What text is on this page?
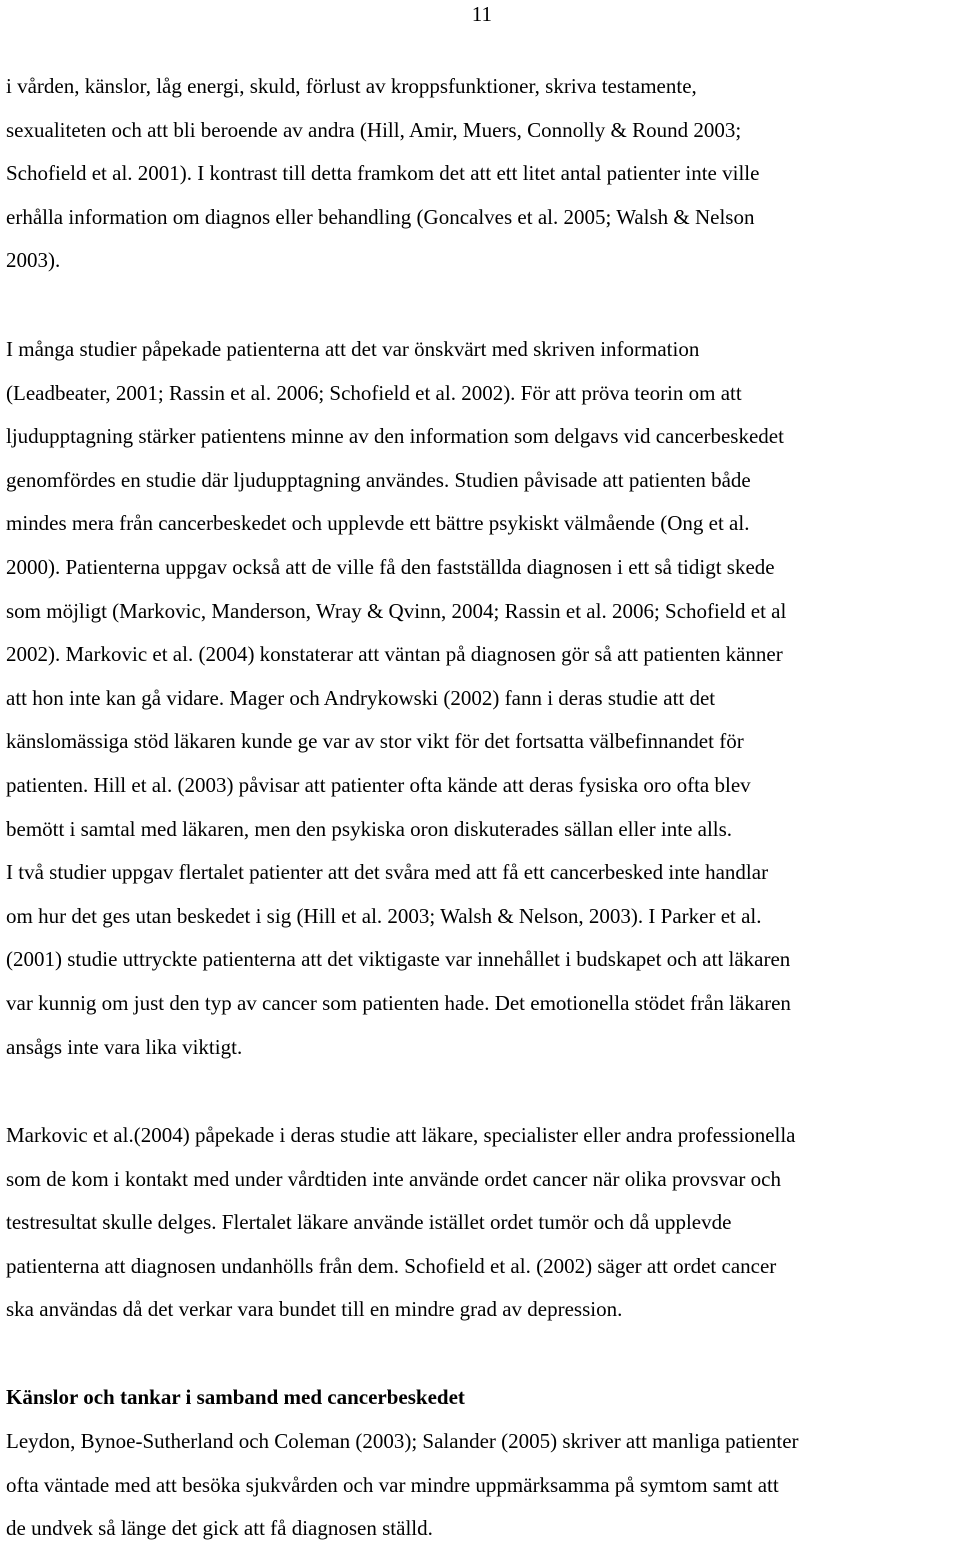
11
i vården, känslor, låg energi, skuld, förlust av kroppsfunktioner, skriva testamente,
sexualiteten och att bli beroende av andra (Hill, Amir, Muers, Connolly & Round 2003;
Schofield et al. 2001). I kontrast till detta framkom det att ett litet antal patienter inte ville
erhålla information om diagnos eller behandling (Goncalves et al. 2005; Walsh & Nelson
2003).
I många studier påpekade patienterna att det var önskvärt med skriven information
(Leadbeater, 2001; Rassin et al. 2006; Schofield et al. 2002). För att pröva teorin om att
ljudupptagning stärker patientens minne av den information som delgavs vid cancerbeskedet
genomfördes en studie där ljudupptagning användes. Studien påvisade att patienten både
mindes mera från cancerbeskedet och upplevde ett bättre psykiskt välmående (Ong et al.
2000). Patienterna uppgav också att de ville få den fastställda diagnosen i ett så tidigt skede
som möjligt (Markovic, Manderson, Wray & Qvinn, 2004; Rassin et al. 2006; Schofield et al
2002). Markovic et al. (2004) konstaterar att väntan på diagnosen gör så att patienten känner
att hon inte kan gå vidare. Mager och Andrykowski (2002) fann i deras studie att det
känslomässiga stöd läkaren kunde ge var av stor vikt för det fortsatta välbefinnandet för
patienten. Hill et al. (2003) påvisar att patienter ofta kände att deras fysiska oro ofta blev
bemött i samtal med läkaren, men den psykiska oron diskuterades sällan eller inte alls.
I två studier uppgav flertalet patienter att det svåra med att få ett cancerbesked inte handlar
om hur det ges utan beskedet i sig (Hill et al. 2003; Walsh & Nelson, 2003). I Parker et al.
(2001) studie uttryckte patienterna att det viktigaste var innehållet i budskapet och att läkaren
var kunnig om just den typ av cancer som patienten hade. Det emotionella stödet från läkaren
ansågs inte vara lika viktigt.
Markovic et al.(2004) påpekade i deras studie att läkare, specialister eller andra professionella
som de kom i kontakt med under vårdtiden inte använde ordet cancer när olika provsvar och
testresultat skulle delges. Flertalet läkare använde istället ordet tumör och då upplevde
patienterna att diagnosen undanhölls från dem. Schofield et al. (2002) säger att ordet cancer
ska användas då det verkar vara bundet till en mindre grad av depression.
Känslor och tankar i samband med cancerbeskedet
Leydon, Bynoe-Sutherland och Coleman (2003); Salander (2005) skriver att manliga patienter
ofta väntade med att besöka sjukvården och var mindre uppmärksamma på symtom samt att
de undvek så länge det gick att få diagnosen ställd.
